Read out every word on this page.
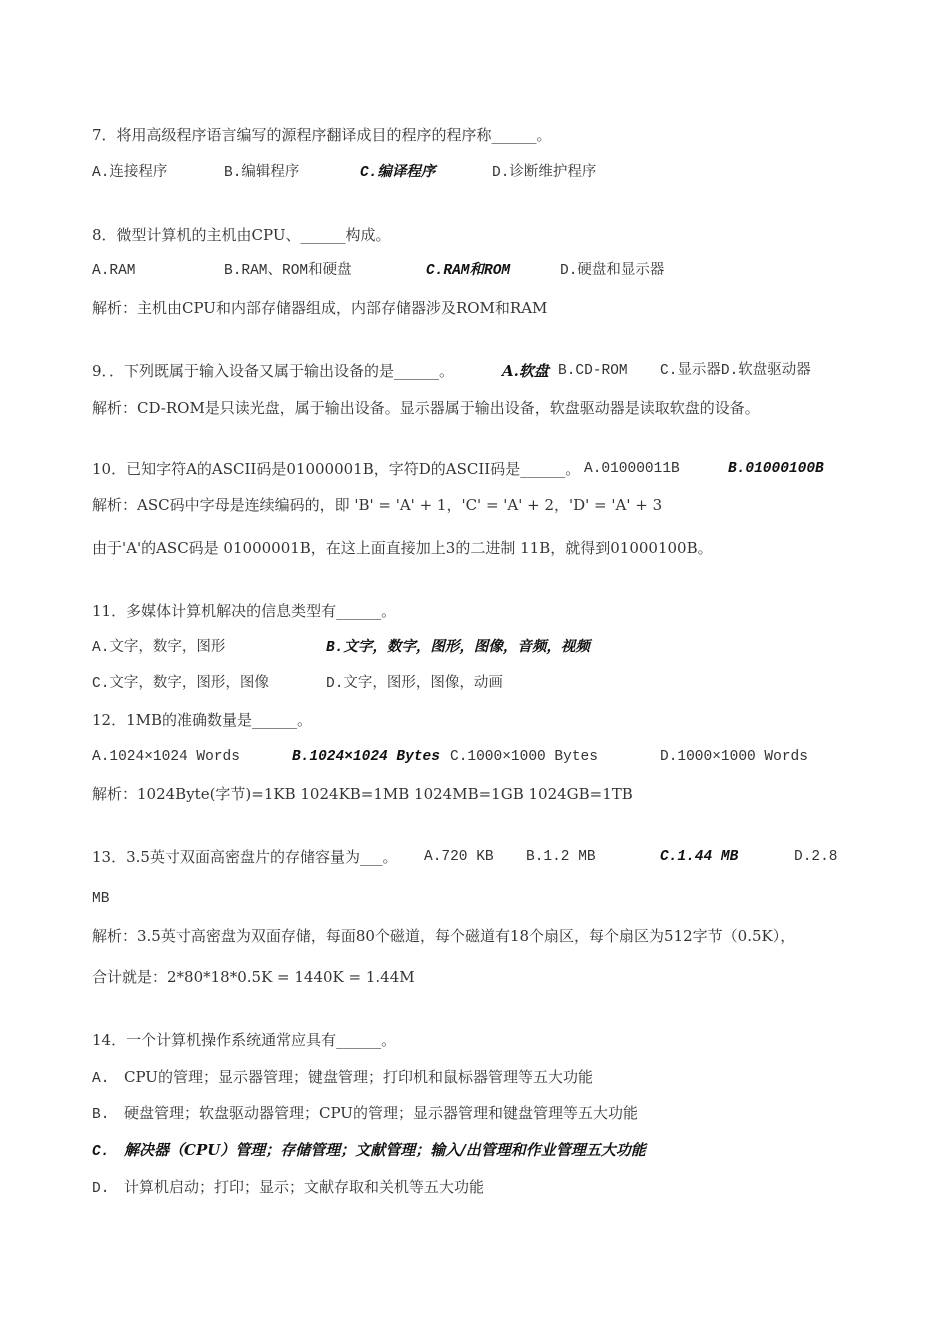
7．将用高级程序语言编写的源程序翻译成目的程序的程序称______。
A.连接程序	B.编辑程序	C.编译程序	D.诊断维护程序
8．微型计算机的主机由CPU、______构成。
A.RAM	B.RAM、ROM和硬盘	C.RAM和ROM	D.硬盘和显示器
解析：主机由CPU和内部存储器组成，内部存储器涉及ROM和RAM
9．．下列既属于输入设备又属于输出设备的是______。	A.软盘 B.CD-ROM C.显示器D.软盘驱动器
解析：CD-ROM是只读光盘，属于输出设备。显示器属于输出设备，软盘驱动器是读取软盘的设备。
10．已知字符A的ASCII码是01000001B，字符D的ASCII码是______。 A.01000011B	B.01000100B
解析：ASC码中字母是连续编码的，即 'B' = 'A' + 1，'C' = 'A' + 2，'D' = 'A' + 3
由于'A'的ASC码是 01000001B，在这上面直接加上3的二进制 11B，就得到01000100B。
11．多媒体计算机解决的信息类型有______。
A.文字，数字，图形	B.文字，数字，图形，图像，音频，视频
C.文字，数字，图形，图像	D.文字，图形，图像，动画
12．1MB的准确数量是______。
A.1024×1024 Words	B.1024×1024 Bytes C.1000×1000 Bytes	D.1000×1000 Words
解析：1024Byte(字节)=1KB 1024KB=1MB 1024MB=1GB 1024GB=1TB
13．3.5英寸双面高密盘片的存储容量为___。 A.720 KB B.1.2 MB	C.1.44 MB	D.2.8
MB
解析：3.5英寸高密盘为双面存储，每面80个磁道，每个磁道有18个扇区，每个扇区为512字节（0.5K），
合计就是：2*80*18*0.5K = 1440K = 1.44M
14．一个计算机操作系统通常应具有______。
A. CPU的管理；显示器管理；键盘管理；打印机和鼠标器管理等五大功能
B. 硬盘管理；软盘驱动器管理；CPU的管理；显示器管理和键盘管理等五大功能
C. 解决器（CPU）管理；存储管理；文献管理；输入/出管理和作业管理五大功能
D. 计算机启动；打印；显示；文献存取和关机等五大功能
